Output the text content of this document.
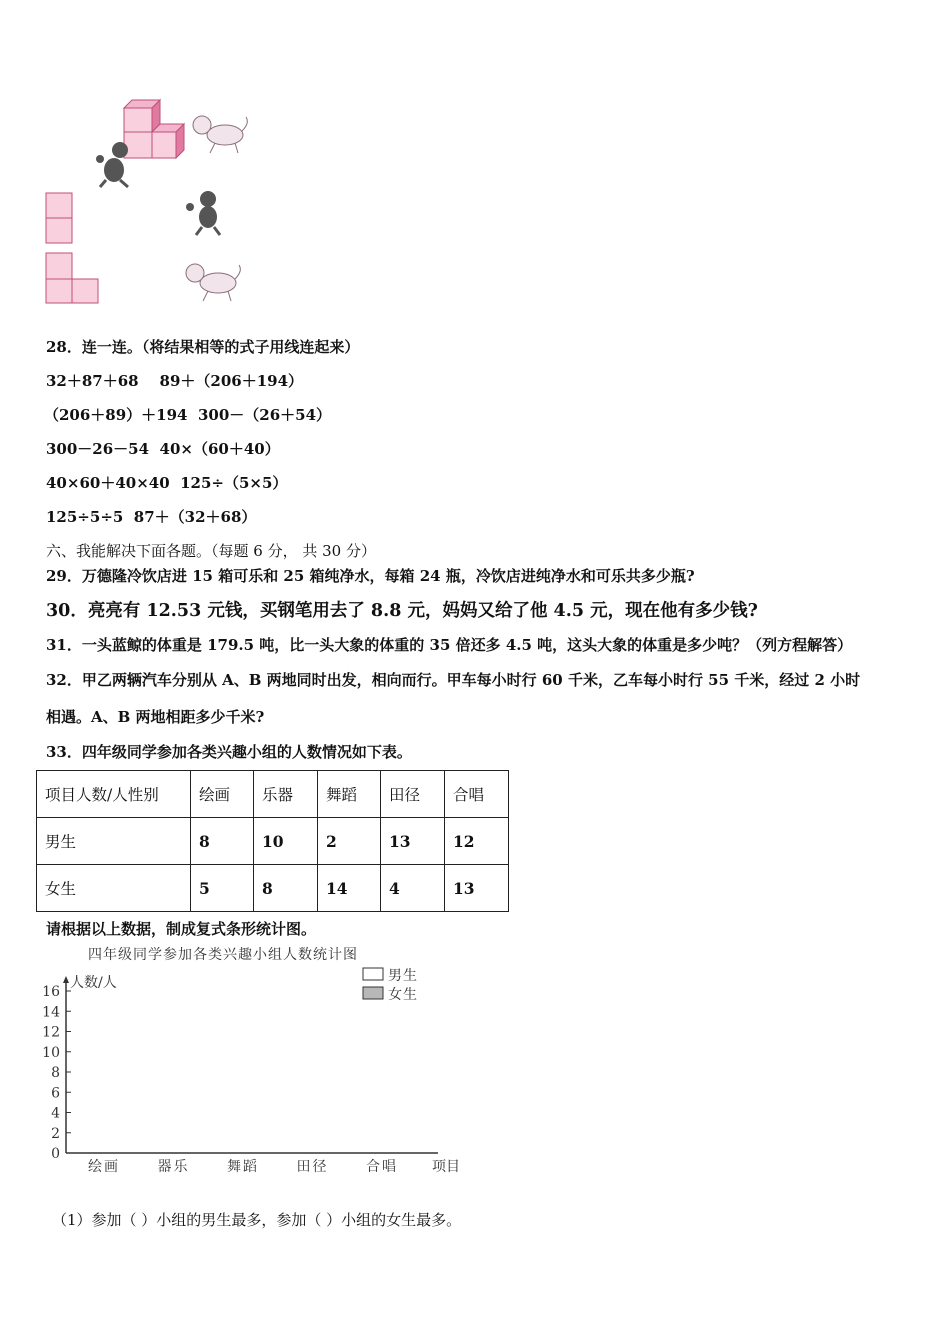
28．连一连。（将结果相等的式子用线连起来）
32＋87＋68 89＋（206＋194）
（206＋89）＋194 300－（26＋54）
300－26－54 40×（60＋40）
40×60＋40×40 125÷（5×5）
125÷5÷5 87＋（32＋68）
六、我能解决下面各题。（每题 6 分， 共 30 分）
29．万德隆冷饮店进 15 箱可乐和 25 箱纯净水，每箱 24 瓶，冷饮店进纯净水和可乐共多少瓶?
30．亮亮有 12.53 元钱，买钢笔用去了 8.8 元，妈妈又给了他 4.5 元，现在他有多少钱?
31．一头蓝鲸的体重是 179.5 吨，比一头大象的体重的 35 倍还多 4.5 吨，这头大象的体重是多少吨？（列方程解答）
32．甲乙两辆汽车分别从 A、B 两地同时出发，相向而行。甲车每小时行 60 千米，乙车每小时行 55 千米，经过 2 小时
相遇。A、B 两地相距多少千米?
33．四年级同学参加各类兴趣小组的人数情况如下表。
项目人数/人性别	绘画	乐器	舞蹈	田径	合唱
男生	8	10	2	13	12
女生	5	8	14	4	13
请根据以上数据，制成复式条形统计图。
四年级同学参加各类兴趣小组人数统计图
0
2
4
6
8
10
12
14
16
人数/人
绘画	器乐	舞蹈	田径	合唱 项目
男生
女生
（1）参加（ ）小组的男生最多，参加（ ）小组的女生最多。
